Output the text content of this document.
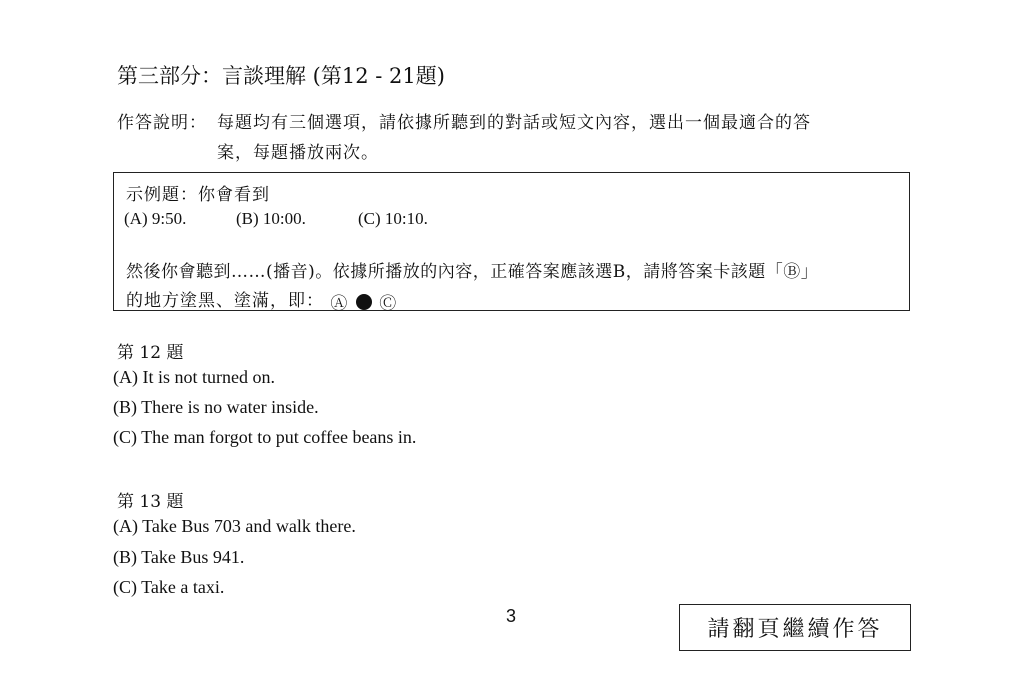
第三部分：言談理解 (第12 - 21題)
作答說明： 每題均有三個選項，請依據所聽到的對話或短文內容，選出一個最適合的答
案，每題播放兩次。
示例題：你會看到
(A) 9:50.	(B) 10:00.	(C) 10:10.
然後你會聽到……(播音)。依據所播放的內容，正確答案應該選B，請將答案卡該題「Ⓑ」
的地方塗黑、塗滿，即： Ⓐ Ⓒ
第 12 題
(A) It is not turned on.
(B) There is no water inside.
(C) The man forgot to put coffee beans in.
第 13 題
(A) Take Bus 703 and walk there.
(B) Take Bus 941.
(C) Take a taxi.
3
請翻頁繼續作答
